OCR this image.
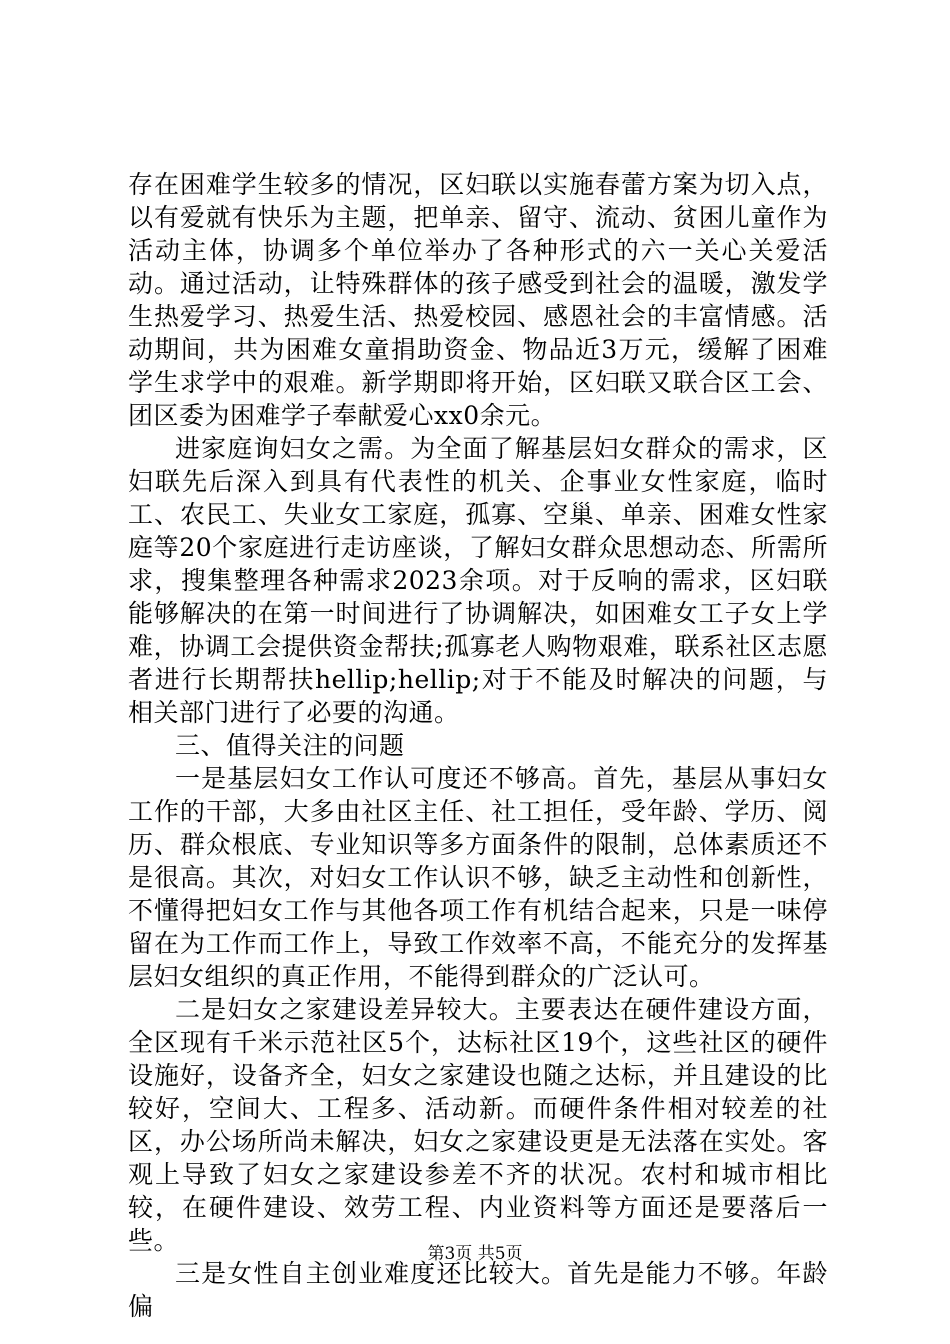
存在困难学生较多的情况，区妇联以实施春蕾方案为切入点，以有爱就有快乐为主题，把单亲、留守、流动、贫困儿童作为活动主体，协调多个单位举办了各种形式的六一关心关爱活动。通过活动，让特殊群体的孩子感受到社会的温暖，激发学生热爱学习、热爱生活、热爱校园、感恩社会的丰富情感。活动期间，共为困难女童捐助资金、物品近3万元，缓解了困难学生求学中的艰难。新学期即将开始，区妇联又联合区工会、团区委为困难学子奉献爱心xx0余元。

进家庭询妇女之需。为全面了解基层妇女群众的需求，区妇联先后深入到具有代表性的机关、企事业女性家庭，临时工、农民工、失业女工家庭，孤寡、空巢、单亲、困难女性家庭等20个家庭进行走访座谈，了解妇女群众思想动态、所需所求，搜集整理各种需求2023余项。对于反响的需求，区妇联能够解决的在第一时间进行了协调解决，如困难女工子女上学难，协调工会提供资金帮扶;孤寡老人购物艰难，联系社区志愿者进行长期帮扶hellip;hellip;对于不能及时解决的问题，与相关部门进行了必要的沟通。

三、值得关注的问题

一是基层妇女工作认可度还不够高。首先，基层从事妇女工作的干部，大多由社区主任、社工担任，受年龄、学历、阅历、群众根底、专业知识等多方面条件的限制，总体素质还不是很高。其次，对妇女工作认识不够，缺乏主动性和创新性，不懂得把妇女工作与其他各项工作有机结合起来，只是一味停留在为工作而工作上，导致工作效率不高，不能充分的发挥基层妇女组织的真正作用，不能得到群众的广泛认可。

二是妇女之家建设差异较大。主要表达在硬件建设方面，全区现有千米示范社区5个，达标社区19个，这些社区的硬件设施好，设备齐全，妇女之家建设也随之达标，并且建设的比较好，空间大、工程多、活动新。而硬件条件相对较差的社区，办公场所尚未解决，妇女之家建设更是无法落在实处。客观上导致了妇女之家建设参差不齐的状况。农村和城市相比较，在硬件建设、效劳工程、内业资料等方面还是要落后一些。

三是女性自主创业难度还比较大。首先是能力不够。年龄偏

第3页 共5页
